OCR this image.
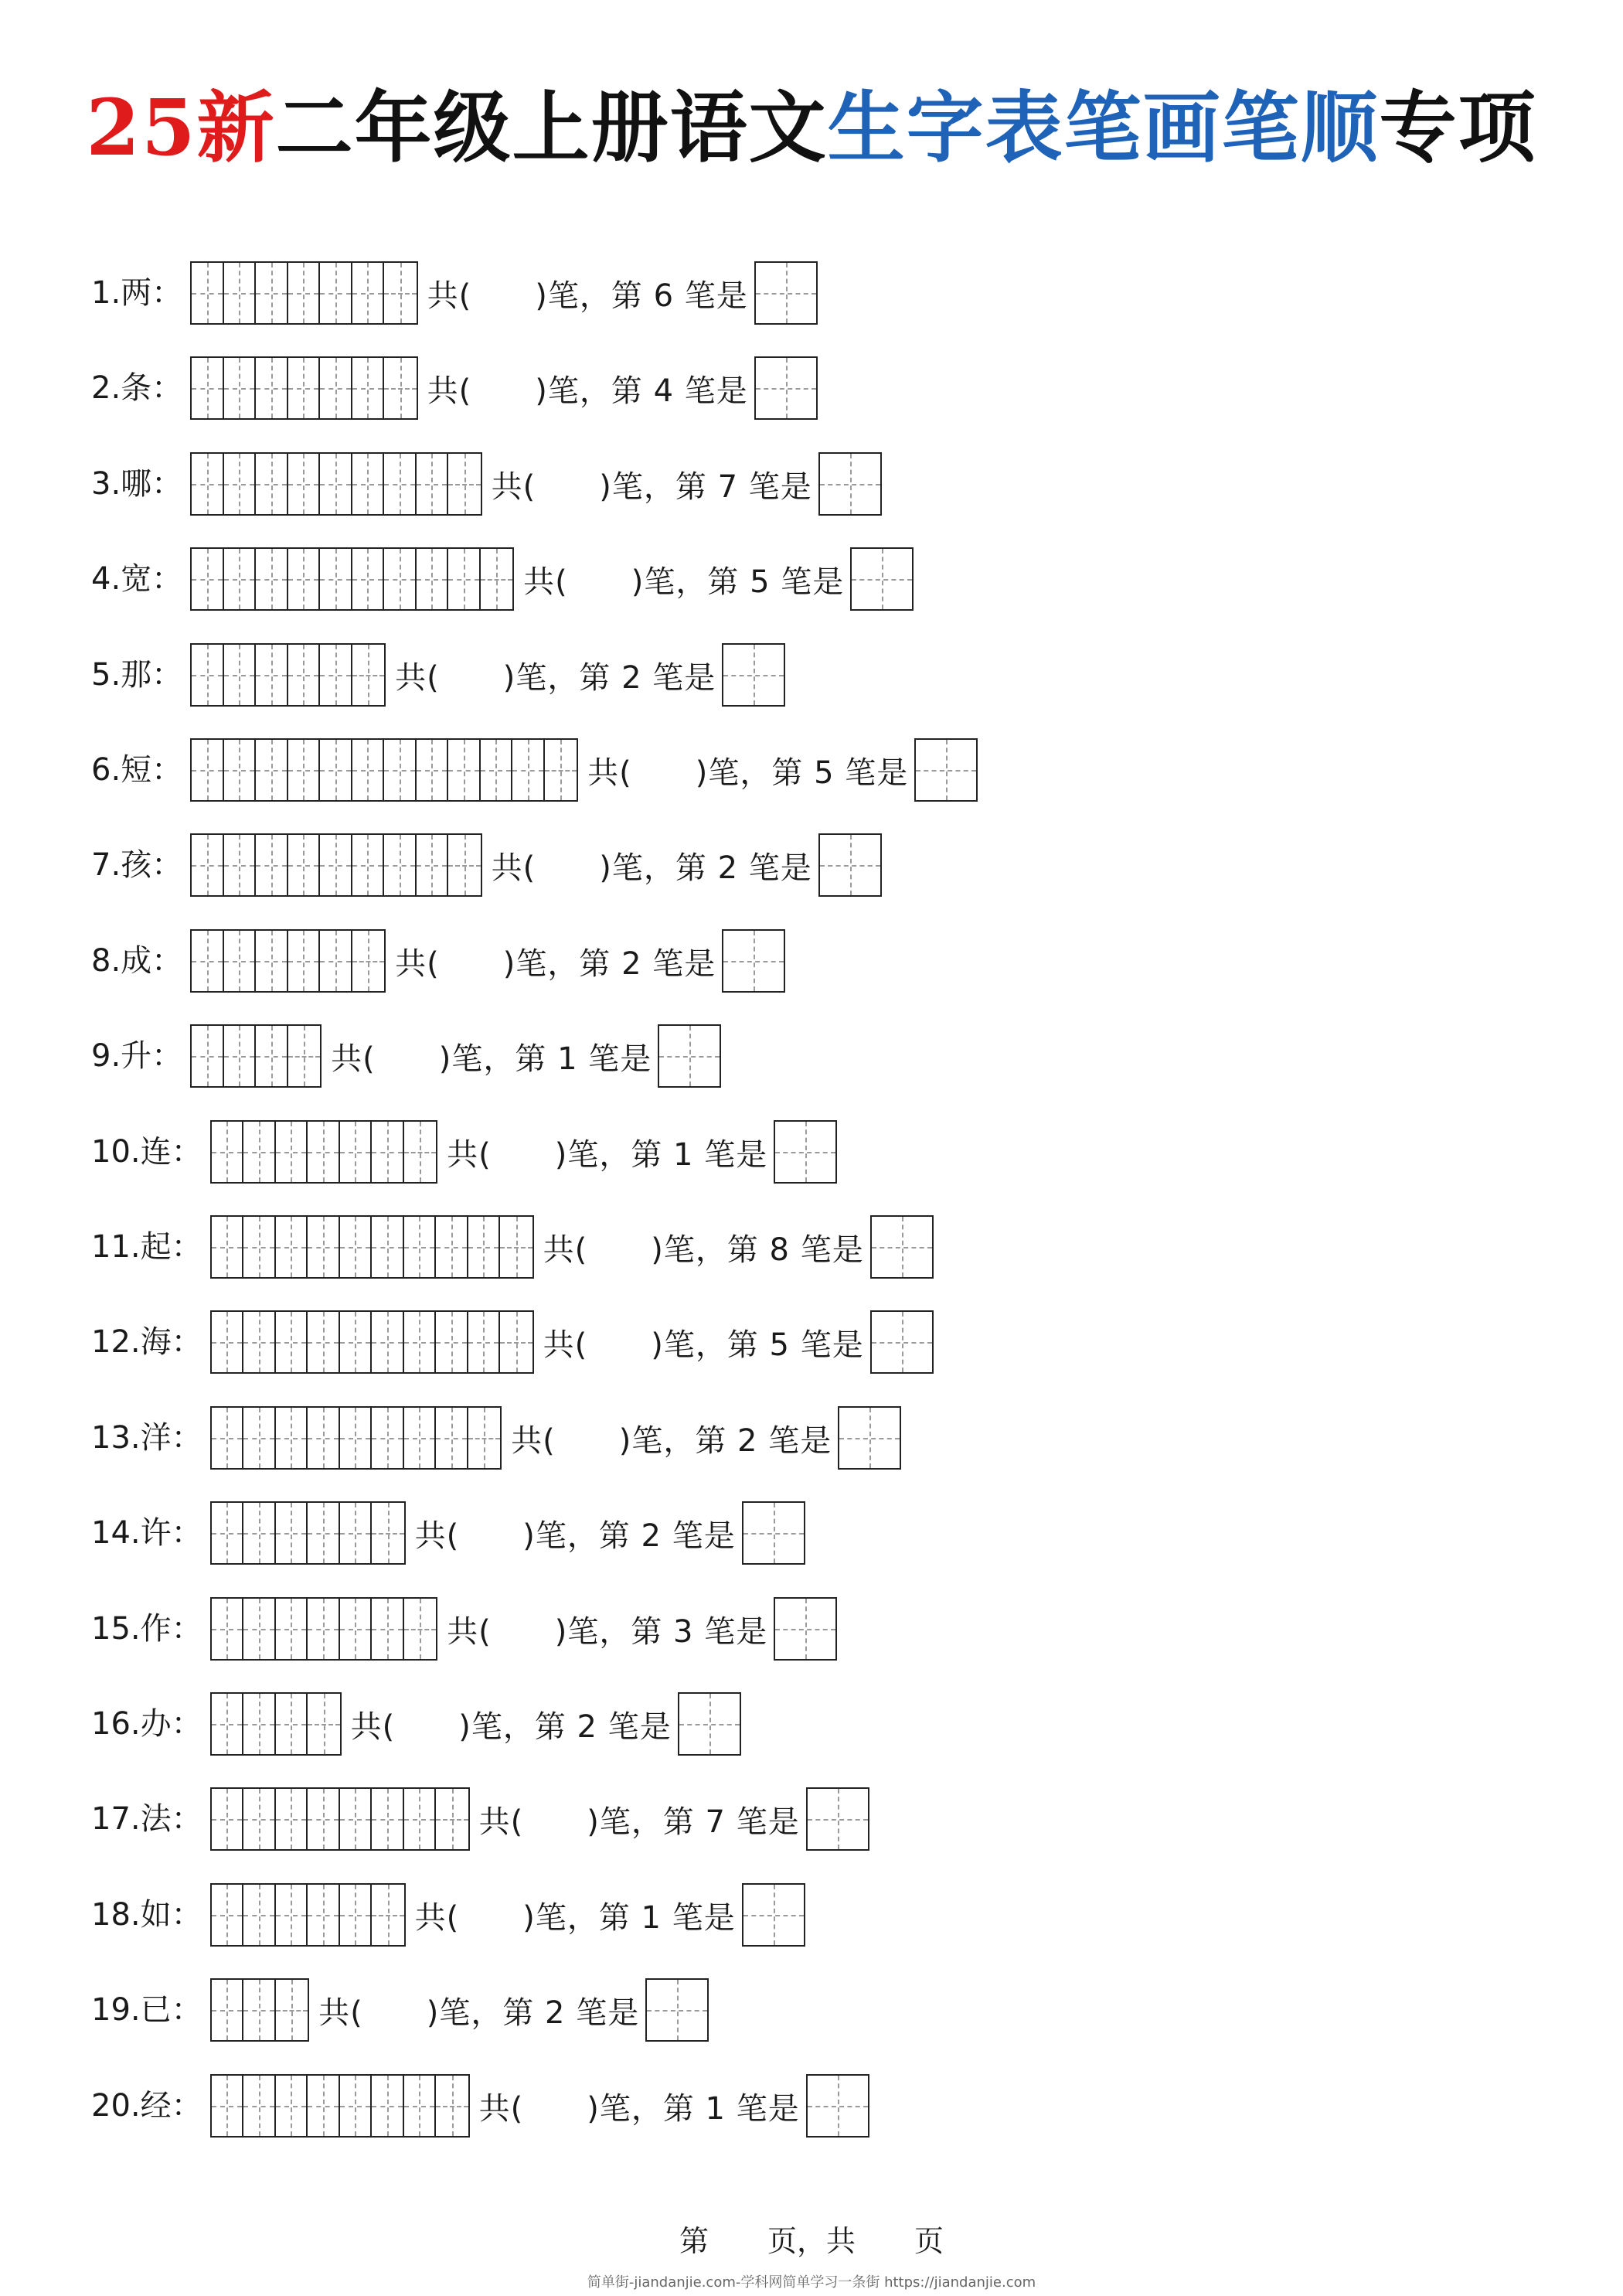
25新二年级上册语文生字表笔画笔顺专项
1.两：	共(　　)笔，第 6 笔是
2.条：	共(　　)笔，第 4 笔是
3.哪：	共(　　)笔，第 7 笔是
4.宽：	共(　　)笔，第 5 笔是
5.那：	共(　　)笔，第 2 笔是
6.短：	共(　　)笔，第 5 笔是
7.孩：	共(　　)笔，第 2 笔是
8.成：	共(　　)笔，第 2 笔是
9.升：	共(　　)笔，第 1 笔是
10.连：	共(　　)笔，第 1 笔是
11.起：	共(　　)笔，第 8 笔是
12.海：	共(　　)笔，第 5 笔是
13.洋：	共(　　)笔，第 2 笔是
14.许：	共(　　)笔，第 2 笔是
15.作：	共(　　)笔，第 3 笔是
16.办：	共(　　)笔，第 2 笔是
17.法：	共(　　)笔，第 7 笔是
18.如：	共(　　)笔，第 1 笔是
19.已：	共(　　)笔，第 2 笔是
20.经：	共(　　)笔，第 1 笔是
第　　页，共　　页
简单街-jiandanjie.com-学科网简单学习一条街 https://jiandanjie.com
